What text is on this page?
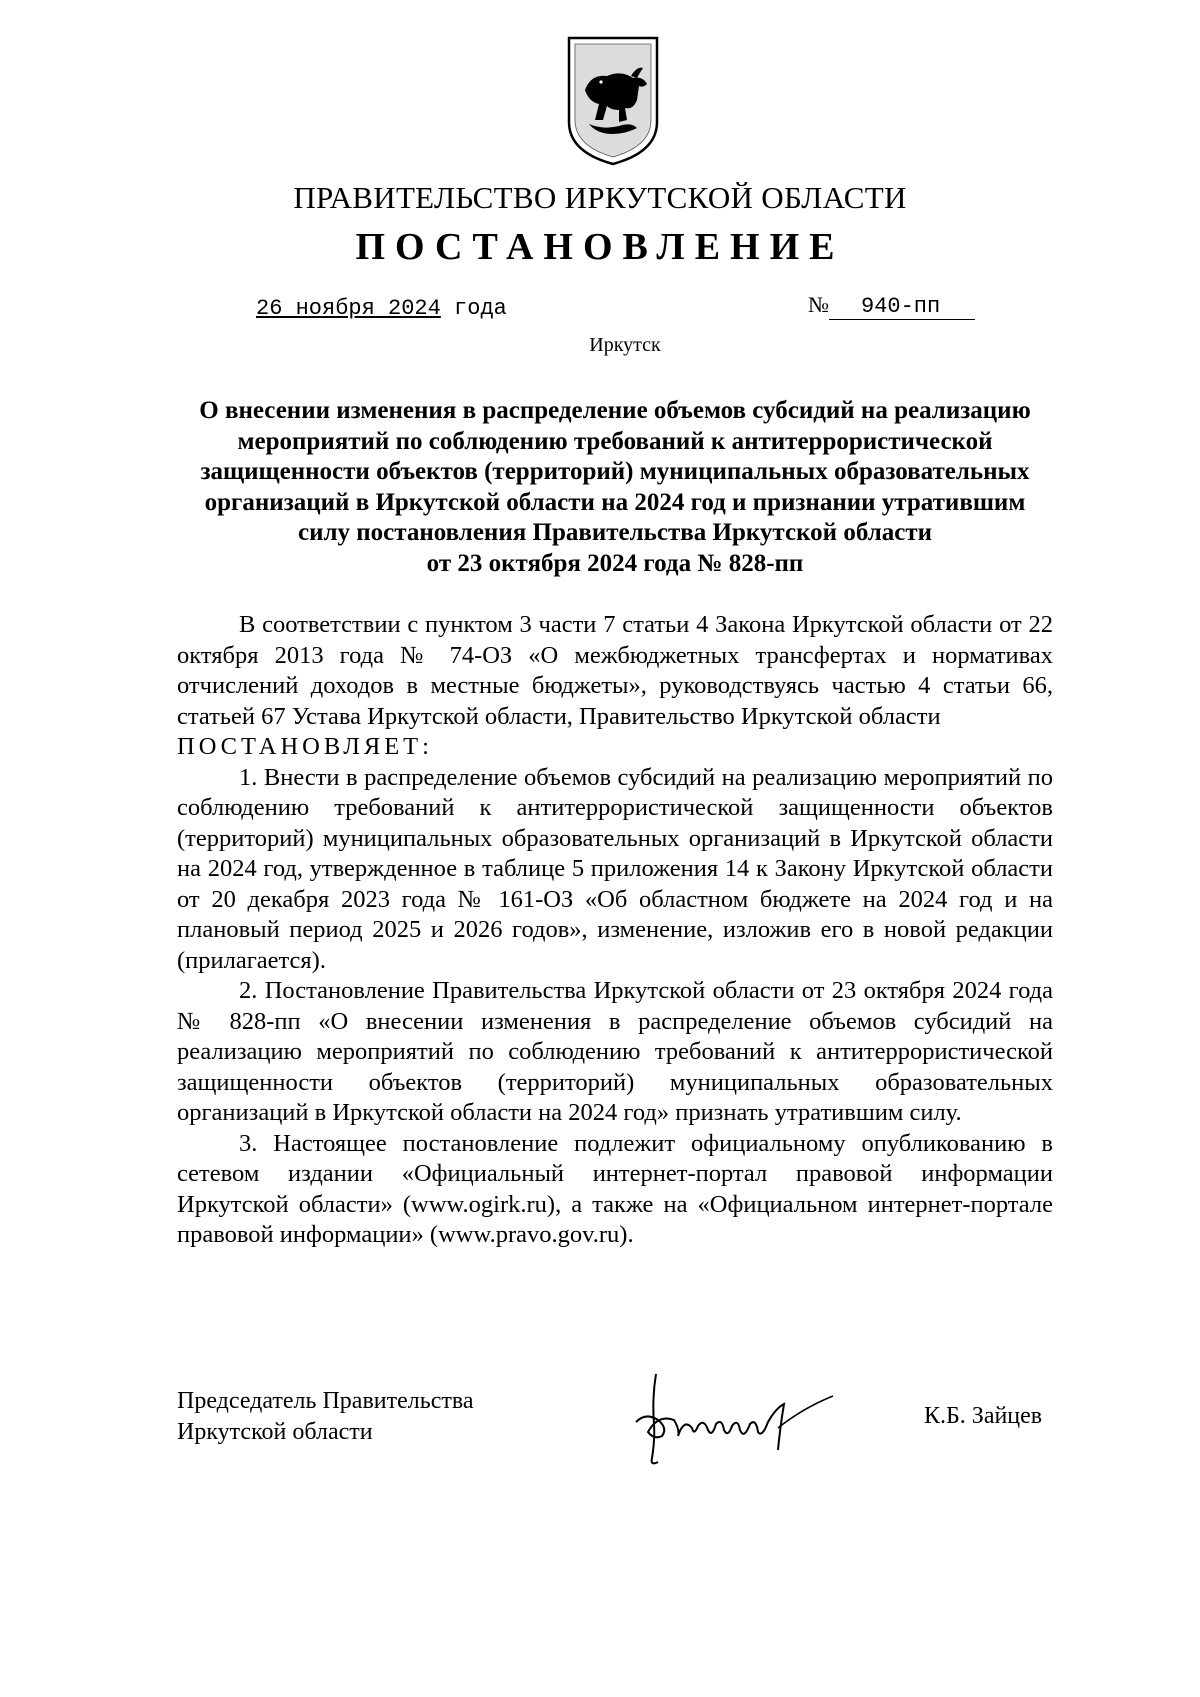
ПРАВИТЕЛЬСТВО ИРКУТСКОЙ ОБЛАСТИ
ПОСТАНОВЛЕНИЕ
26 ноября 2024 года	№ 940-пп
Иркутск
О внесении изменения в распределение объемов субсидий на реализацию
мероприятий по соблюдению требований к антитеррористической
защищенности объектов (территорий) муниципальных образовательных
организаций в Иркутской области на 2024 год и признании утратившим
силу постановления Правительства Иркутской области
от 23 октября 2024 года № 828-пп

В соответствии с пунктом 3 части 7 статьи 4 Закона Иркутской области от 22 октября 2013 года № 74-ОЗ «О межбюджетных трансфертах и нормативах отчислений доходов в местные бюджеты», руководствуясь частью 4 статьи 66, статьей 67 Устава Иркутской области, Правительство Иркутской области

ПОСТАНОВЛЯЕТ:

1. Внести в распределение объемов субсидий на реализацию мероприятий по соблюдению требований к антитеррористической защищенности объектов (территорий) муниципальных образовательных организаций в Иркутской области на 2024 год, утвержденное в таблице 5 приложения 14 к Закону Иркутской области от 20 декабря 2023 года № 161-ОЗ «Об областном бюджете на 2024 год и на плановый период 2025 и 2026 годов», изменение, изложив его в новой редакции (прилагается).

2. Постановление Правительства Иркутской области от 23 октября 2024 года № 828-пп «О внесении изменения в распределение объемов субсидий на реализацию мероприятий по соблюдению требований к антитеррористической защищенности объектов (территорий) муниципальных образовательных организаций в Иркутской области на 2024 год» признать утратившим силу.

3. Настоящее постановление подлежит официальному опубликованию в сетевом издании «Официальный интернет-портал правовой информации Иркутской области» (www.ogirk.ru), а также на «Официальном интернет-портале правовой информации» (www.pravo.gov.ru).

Председатель Правительства
Иркутской области
К.Б. Зайцев
